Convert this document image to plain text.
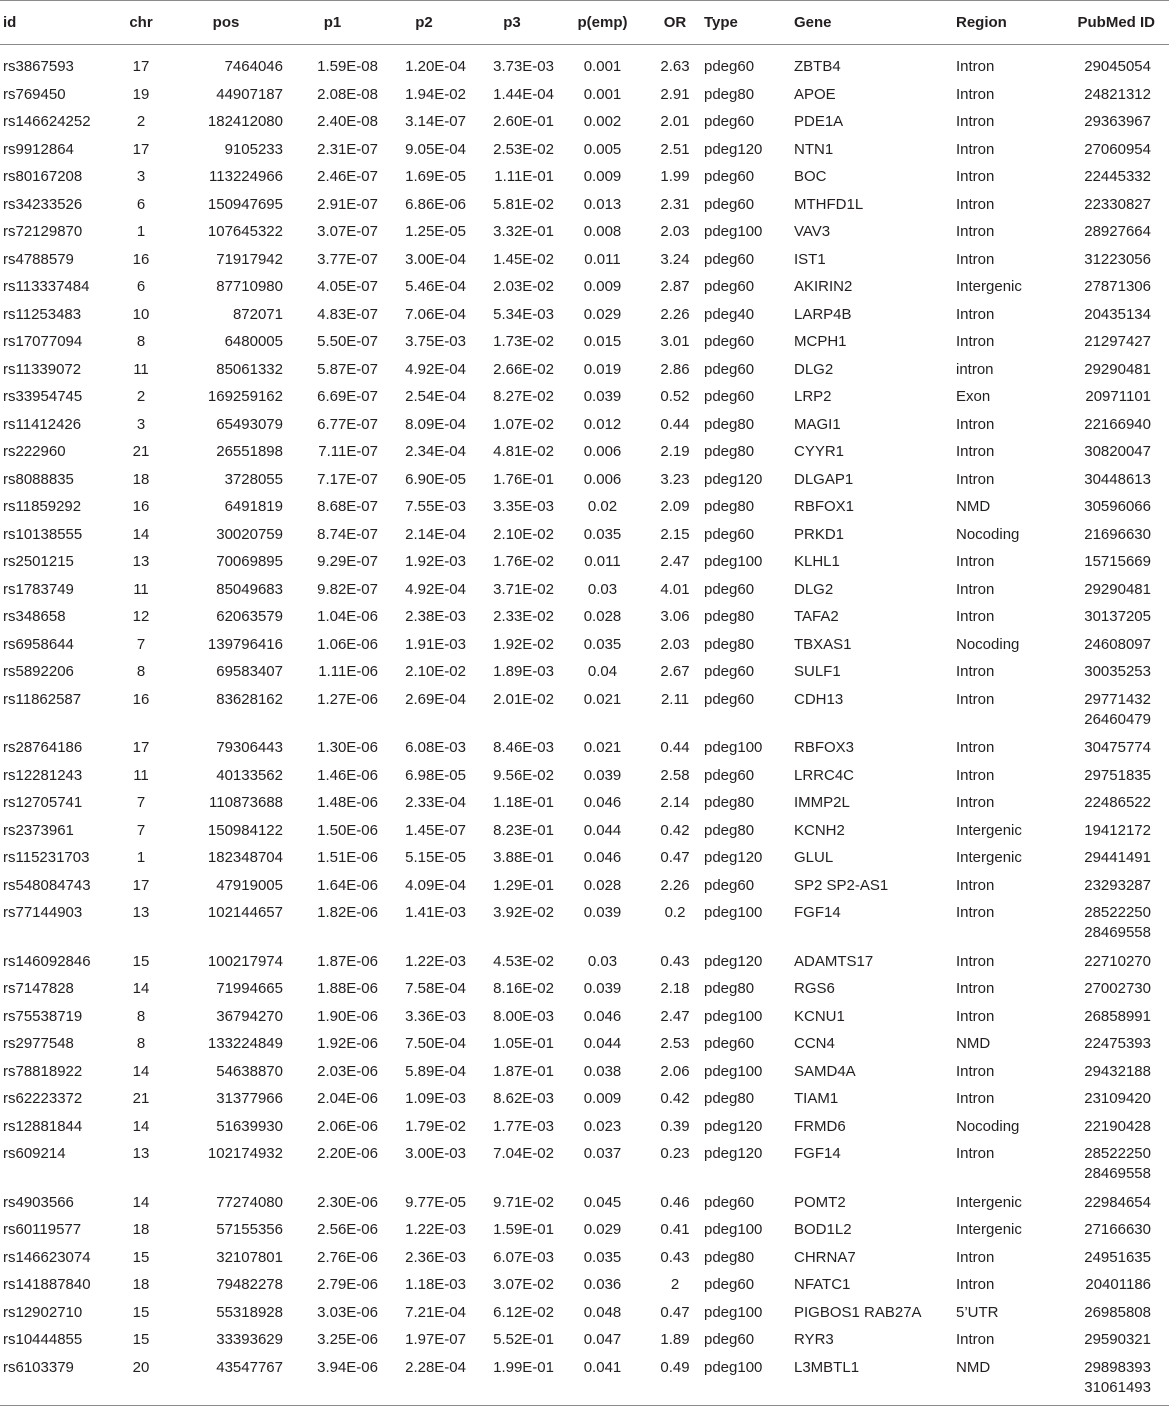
id	chr	pos	p1	p2	p3	p(emp)	OR	Type	Gene	Region	PubMed ID
rs3867593	17	7464046	1.59E-08	1.20E-04	3.73E-03	0.001	2.63	pdeg60	ZBTB4	Intron	29045054

rs769450	19	44907187	2.08E-08	1.94E-02	1.44E-04	0.001	2.91	pdeg80	APOE	Intron	24821312

rs146624252	2	182412080	2.40E-08	3.14E-07	2.60E-01	0.002	2.01	pdeg60	PDE1A	Intron	29363967

rs9912864	17	9105233	2.31E-07	9.05E-04	2.53E-02	0.005	2.51	pdeg120	NTN1	Intron	27060954

rs80167208	3	113224966	2.46E-07	1.69E-05	1.11E-01	0.009	1.99	pdeg60	BOC	Intron	22445332

rs34233526	6	150947695	2.91E-07	6.86E-06	5.81E-02	0.013	2.31	pdeg60	MTHFD1L	Intron	22330827

rs72129870	1	107645322	3.07E-07	1.25E-05	3.32E-01	0.008	2.03	pdeg100	VAV3	Intron	28927664

rs4788579	16	71917942	3.77E-07	3.00E-04	1.45E-02	0.011	3.24	pdeg60	IST1	Intron	31223056

rs113337484	6	87710980	4.05E-07	5.46E-04	2.03E-02	0.009	2.87	pdeg60	AKIRIN2	Intergenic	27871306

rs11253483	10	872071	4.83E-07	7.06E-04	5.34E-03	0.029	2.26	pdeg40	LARP4B	Intron	20435134

rs17077094	8	6480005	5.50E-07	3.75E-03	1.73E-02	0.015	3.01	pdeg60	MCPH1	Intron	21297427

rs11339072	11	85061332	5.87E-07	4.92E-04	2.66E-02	0.019	2.86	pdeg60	DLG2	intron	29290481

rs33954745	2	169259162	6.69E-07	2.54E-04	8.27E-02	0.039	0.52	pdeg60	LRP2	Exon	20971101

rs11412426	3	65493079	6.77E-07	8.09E-04	1.07E-02	0.012	0.44	pdeg80	MAGI1	Intron	22166940

rs222960	21	26551898	7.11E-07	2.34E-04	4.81E-02	0.006	2.19	pdeg80	CYYR1	Intron	30820047

rs8088835	18	3728055	7.17E-07	6.90E-05	1.76E-01	0.006	3.23	pdeg120	DLGAP1	Intron	30448613

rs11859292	16	6491819	8.68E-07	7.55E-03	3.35E-03	0.02	2.09	pdeg80	RBFOX1	NMD	30596066

rs10138555	14	30020759	8.74E-07	2.14E-04	2.10E-02	0.035	2.15	pdeg60	PRKD1	Nocoding	21696630

rs2501215	13	70069895	9.29E-07	1.92E-03	1.76E-02	0.011	2.47	pdeg100	KLHL1	Intron	15715669

rs1783749	11	85049683	9.82E-07	4.92E-04	3.71E-02	0.03	4.01	pdeg60	DLG2	Intron	29290481

rs348658	12	62063579	1.04E-06	2.38E-03	2.33E-02	0.028	3.06	pdeg80	TAFA2	Intron	30137205

rs6958644	7	139796416	1.06E-06	1.91E-03	1.92E-02	0.035	2.03	pdeg80	TBXAS1	Nocoding	24608097

rs5892206	8	69583407	1.11E-06	2.10E-02	1.89E-03	0.04	2.67	pdeg60	SULF1	Intron	30035253

rs11862587	16	83628162	1.27E-06	2.69E-04	2.01E-02	0.021	2.11	pdeg60	CDH13	Intron	29771432
26460479

rs28764186	17	79306443	1.30E-06	6.08E-03	8.46E-03	0.021	0.44	pdeg100	RBFOX3	Intron	30475774

rs12281243	11	40133562	1.46E-06	6.98E-05	9.56E-02	0.039	2.58	pdeg60	LRRC4C	Intron	29751835

rs12705741	7	110873688	1.48E-06	2.33E-04	1.18E-01	0.046	2.14	pdeg80	IMMP2L	Intron	22486522

rs2373961	7	150984122	1.50E-06	1.45E-07	8.23E-01	0.044	0.42	pdeg80	KCNH2	Intergenic	19412172

rs115231703	1	182348704	1.51E-06	5.15E-05	3.88E-01	0.046	0.47	pdeg120	GLUL	Intergenic	29441491

rs548084743	17	47919005	1.64E-06	4.09E-04	1.29E-01	0.028	2.26	pdeg60	SP2 SP2-AS1	Intron	23293287

rs77144903	13	102144657	1.82E-06	1.41E-03	3.92E-02	0.039	0.2	pdeg100	FGF14	Intron	28522250
28469558

rs146092846	15	100217974	1.87E-06	1.22E-03	4.53E-02	0.03	0.43	pdeg120	ADAMTS17	Intron	22710270

rs7147828	14	71994665	1.88E-06	7.58E-04	8.16E-02	0.039	2.18	pdeg80	RGS6	Intron	27002730

rs75538719	8	36794270	1.90E-06	3.36E-03	8.00E-03	0.046	2.47	pdeg100	KCNU1	Intron	26858991

rs2977548	8	133224849	1.92E-06	7.50E-04	1.05E-01	0.044	2.53	pdeg60	CCN4	NMD	22475393

rs78818922	14	54638870	2.03E-06	5.89E-04	1.87E-01	0.038	2.06	pdeg100	SAMD4A	Intron	29432188

rs62223372	21	31377966	2.04E-06	1.09E-03	8.62E-03	0.009	0.42	pdeg80	TIAM1	Intron	23109420

rs12881844	14	51639930	2.06E-06	1.79E-02	1.77E-03	0.023	0.39	pdeg120	FRMD6	Nocoding	22190428

rs609214	13	102174932	2.20E-06	3.00E-03	7.04E-02	0.037	0.23	pdeg120	FGF14	Intron	28522250
28469558

rs4903566	14	77274080	2.30E-06	9.77E-05	9.71E-02	0.045	0.46	pdeg60	POMT2	Intergenic	22984654

rs60119577	18	57155356	2.56E-06	1.22E-03	1.59E-01	0.029	0.41	pdeg100	BOD1L2	Intergenic	27166630

rs146623074	15	32107801	2.76E-06	2.36E-03	6.07E-03	0.035	0.43	pdeg80	CHRNA7	Intron	24951635

rs141887840	18	79482278	2.79E-06	1.18E-03	3.07E-02	0.036	2	pdeg60	NFATC1	Intron	20401186

rs12902710	15	55318928	3.03E-06	7.21E-04	6.12E-02	0.048	0.47	pdeg100	PIGBOS1 RAB27A	5’UTR	26985808

rs10444855	15	33393629	3.25E-06	1.97E-07	5.52E-01	0.047	1.89	pdeg60	RYR3	Intron	29590321

rs6103379	20	43547767	3.94E-06	2.28E-04	1.99E-01	0.041	0.49	pdeg100	L3MBTL1	NMD	29898393
31061493
